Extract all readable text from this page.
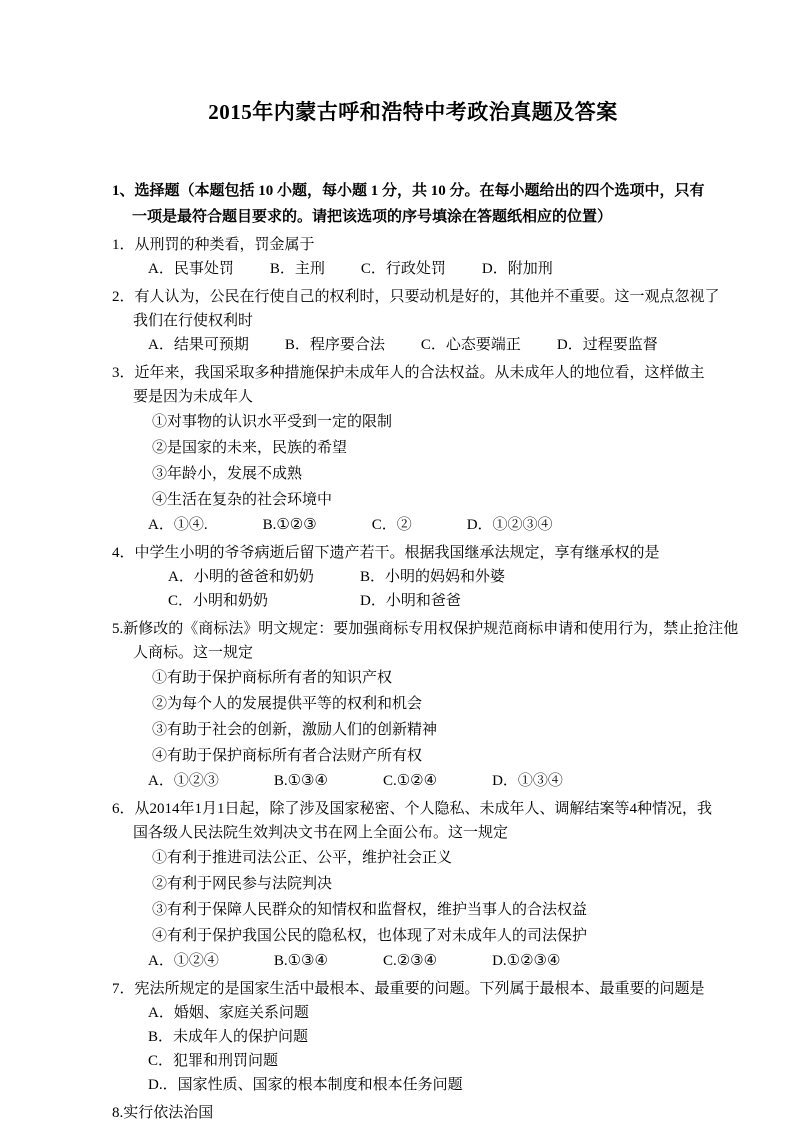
2015年内蒙古呼和浩特中考政治真题及答案

1、选择题（本题包括 10 小题，每小题 1 分，共 10 分。在每小题给出的四个选项中，只有
一项是最符合题目要求的。请把该选项的序号填涂在答题纸相应的位置）

1．从刑罚的种类看，罚金属于
A．民事处罚 B．主刑 C．行政处罚 D．附加刑
2．有人认为，公民在行使自己的权利时，只要动机是好的，其他并不重要。这一观点忽视了
我们在行使权利时
A．结果可预期 B．程序要合法 C．心态要端正 D．过程要监督
3．近年来，我国采取多种措施保护未成年人的合法权益。从未成年人的地位看，这样做主
要是因为未成年人
①对事物的认识水平受到一定的限制
②是国家的未来，民族的希望
③年龄小，发展不成熟
④生活在复杂的社会环境中
A．①④.	B.①②③	C．②	D．①②③④
4．中学生小明的爷爷病逝后留下遗产若干。根据我国继承法规定，享有继承权的是
A．小明的爸爸和奶奶	B．小明的妈妈和外婆
C．小明和奶奶	D．小明和爸爸
5.新修改的《商标法》明文规定：要加强商标专用权保护规范商标申请和使用行为，禁止抢注他
人商标。这一规定
①有助于保护商标所有者的知识产权
②为每个人的发展提供平等的权利和机会
③有助于社会的创新，激励人们的创新精神
④有助于保护商标所有者合法财产所有权
A．①②③	B.①③④	C.①②④	D．①③④
6．从2014年1月1日起，除了涉及国家秘密、个人隐私、未成年人、调解结案等4种情况，我
国各级人民法院生效判决文书在网上全面公布。这一规定
①有利于推进司法公正、公平，维护社会正义
②有利于网民参与法院判决
③有利于保障人民群众的知情权和监督权，维护当事人的合法权益
④有利于保护我国公民的隐私权，也体现了对未成年人的司法保护
A．①②④	B.①③④	C.②③④	D.①②③④
7．宪法所规定的是国家生活中最根本、最重要的问题。下列属于最根本、最重要的问题是
A．婚姻、家庭关系问题
B．未成年人的保护问题
C．犯罪和刑罚问题
D.．国家性质、国家的根本制度和根本任务问题
8.实行依法治国
